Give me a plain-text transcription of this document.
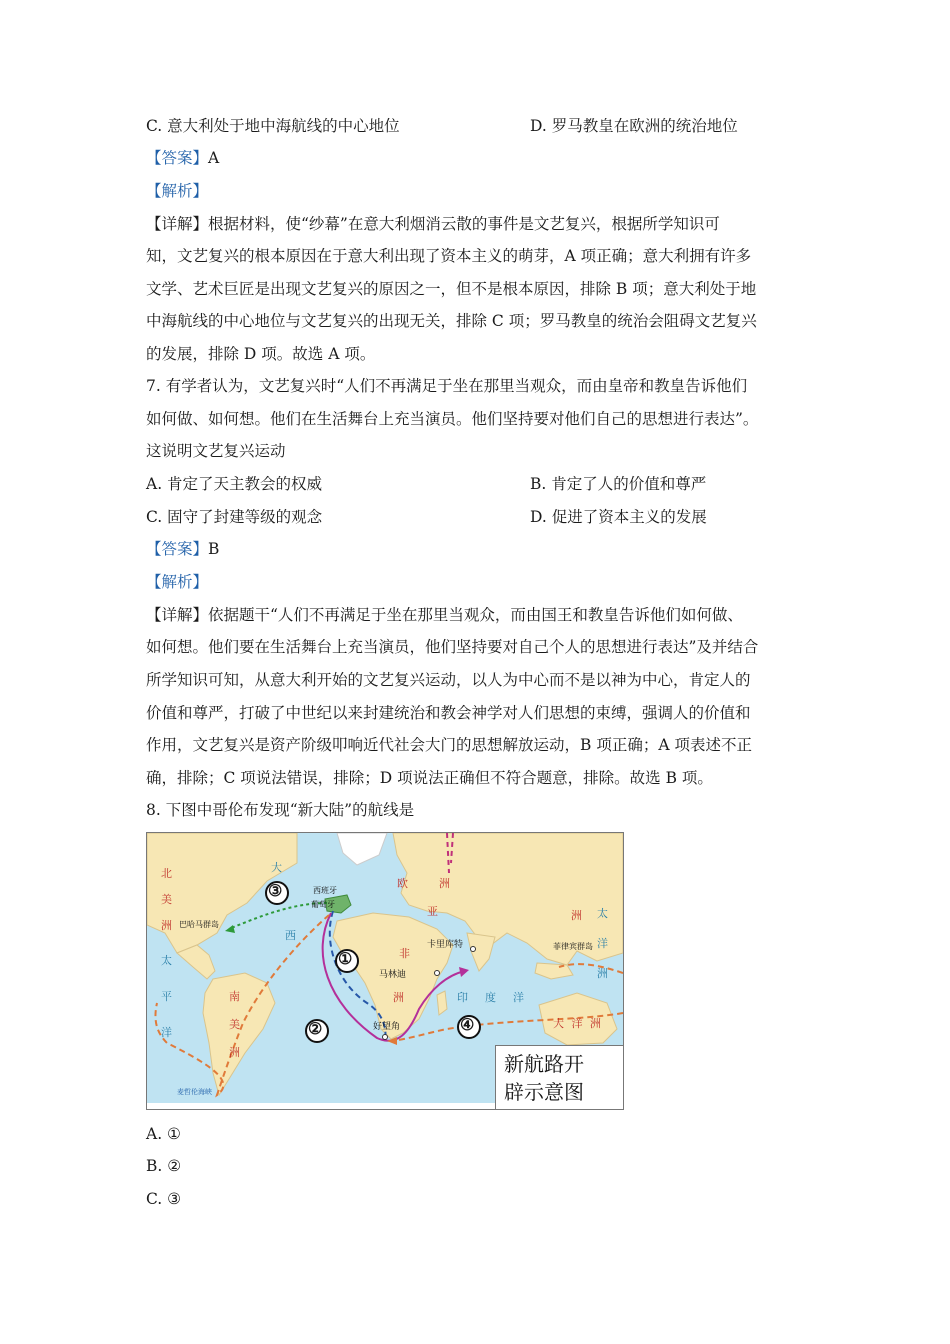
C. 意大利处于地中海航线的中心地位	D. 罗马教皇在欧洲的统治地位
【答案】A
【解析】
【详解】根据材料，使“纱幕”在意大利烟消云散的事件是文艺复兴，根据所学知识可
知，文艺复兴的根本原因在于意大利出现了资本主义的萌芽，A 项正确；意大利拥有许多
文学、艺术巨匠是出现文艺复兴的原因之一，但不是根本原因，排除 B 项；意大利处于地
中海航线的中心地位与文艺复兴的出现无关，排除 C 项；罗马教皇的统治会阻碍文艺复兴
的发展，排除 D 项。故选 A 项。
7. 有学者认为，文艺复兴时“人们不再满足于坐在那里当观众，而由皇帝和教皇告诉他们
如何做、如何想。他们在生活舞台上充当演员。他们坚持要对他们自己的思想进行表达”。
这说明文艺复兴运动
A. 肯定了天主教会的权威	B. 肯定了人的价值和尊严
C. 固守了封建等级的观念	D. 促进了资本主义的发展
【答案】B
【解析】
【详解】依据题干“人们不再满足于坐在那里当观众，而由国王和教皇告诉他们如何做、
如何想。他们要在生活舞台上充当演员，他们坚持要对自己个人的思想进行表达”及并结合
所学知识可知，从意大利开始的文艺复兴运动，以人为中心而不是以神为中心，肯定人的
价值和尊严，打破了中世纪以来封建统治和教会神学对人们思想的束缚，强调人的价值和
作用，文艺复兴是资产阶级叩响近代社会大门的思想解放运动，B 项正确；A 项表述不正
确，排除；C 项说法错误，排除；D 项说法正确但不符合题意，排除。故选 B 项。
8. 下图中哥伦布发现“新大陆”的航线是
③
①
②	④
北
美
洲
太
平
洋
南
美
洲
大
西
欧	洲
亚	洲
非
洲	印 度 洋
太
洋
洲
大 洋 洲
西班牙
葡萄牙
巴哈马群岛
卡里库特
马林迪
好望角
菲律宾群岛
麦哲伦海峡
新航路开
辟示意图
A. ①
B. ②
C. ③
